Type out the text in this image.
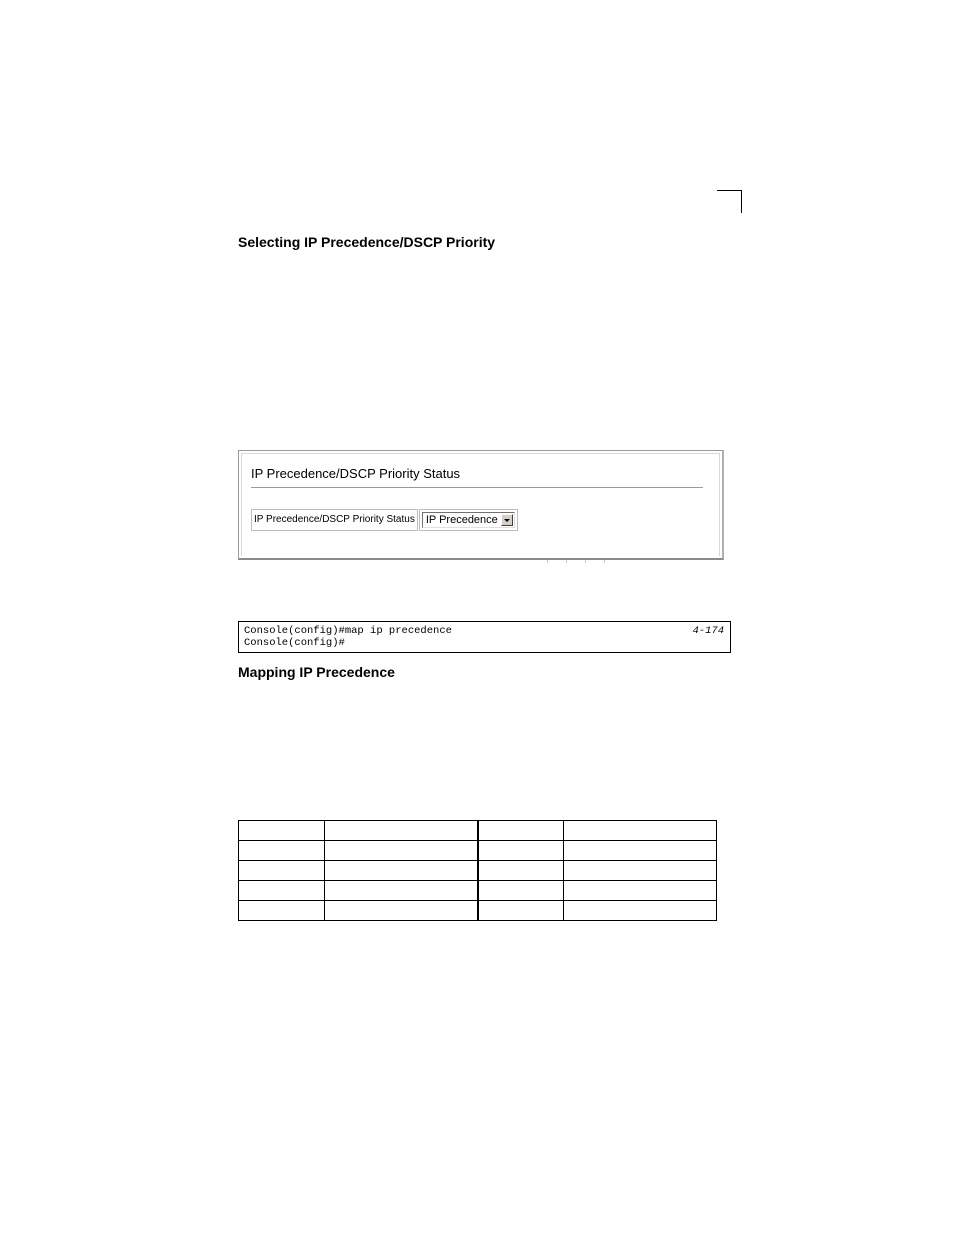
Selecting IP Precedence/DSCP Priority
IP Precedence/DSCP Priority Status
IP Precedence/DSCP Priority Status IP Precedence
Console(config)#map ip precedence
Console(config)#
4-174
Mapping IP Precedence
